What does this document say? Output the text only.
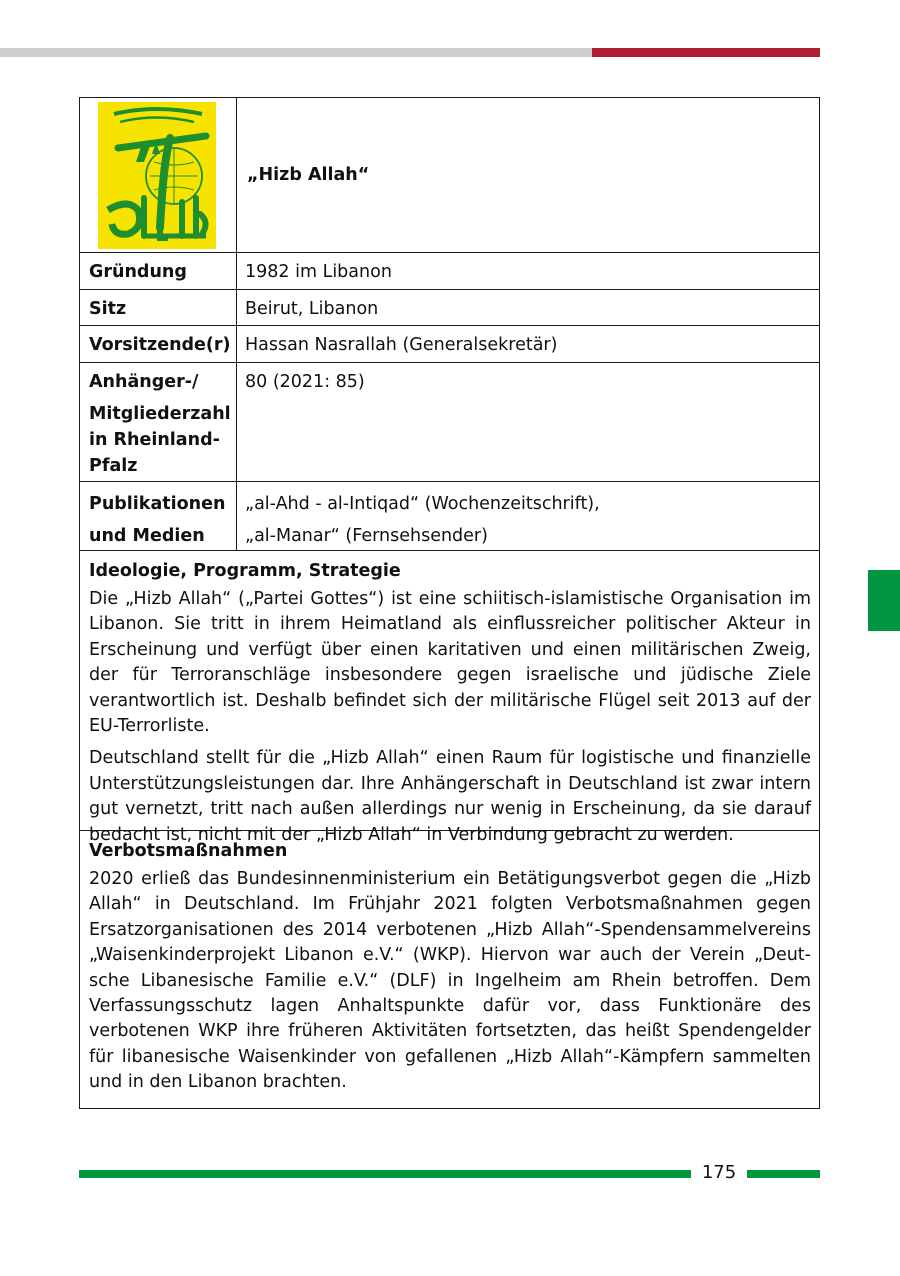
„Hizb Allah“
Gründung	1982 im Libanon
Sitz	Beirut, Libanon
Vorsitzende(r) Hassan Nasrallah (Generalsekretär)
Anhänger-/
Mitgliederzahl in Rheinland-Pfalz
80 (2021: 85)
Publikationen
und Medien
„al-Ahd - al-Intiqad“ (Wochenzeitschrift),
„al-Manar“ (Fernsehsender)
Ideologie, Programm, Strategie

Die „Hizb Allah“ („Partei Gottes“) ist eine schiitisch-islamistische Organisation im Libanon. Sie tritt in ihrem Heimatland als einflussreicher politischer Akteur in Erscheinung und verfügt über einen karitativen und einen militärischen Zweig, der für Terroranschläge insbesondere gegen israelische und jüdische Ziele verantwortlich ist. Deshalb befindet sich der militärische Flügel seit 2013 auf der EU-Terrorliste.

Deutschland stellt für die „Hizb Allah“ einen Raum für logistische und finanzielle Unterstützungsleistungen dar. Ihre Anhängerschaft in Deutschland ist zwar intern gut vernetzt, tritt nach außen allerdings nur wenig in Erscheinung, da sie darauf bedacht ist, nicht mit der „Hizb Allah“ in Verbindung gebracht zu werden.

Verbotsmaßnahmen

2020 erließ das Bundesinnenministerium ein Betätigungsverbot gegen die „Hizb Allah“ in Deutschland. Im Frühjahr 2021 folgten Verbotsmaßnahmen gegen Ersatzorganisationen des 2014 verbotenen „Hizb Allah“-Spendensammelvereins „Waisenkinderprojekt Libanon e.V.“ (WKP). Hiervon war auch der Verein „Deutsche Libanesische Familie e.V.“ (DLF) in Ingelheim am Rhein betroffen. Dem Verfassungsschutz lagen Anhaltspunkte dafür vor, dass Funktionäre des verbotenen WKP ihre früheren Aktivitäten fortsetzten, das heißt Spendengelder für libanesische Waisenkinder von gefallenen „Hizb Allah“-Kämpfern sammelten und in den Libanon brachten.

175
